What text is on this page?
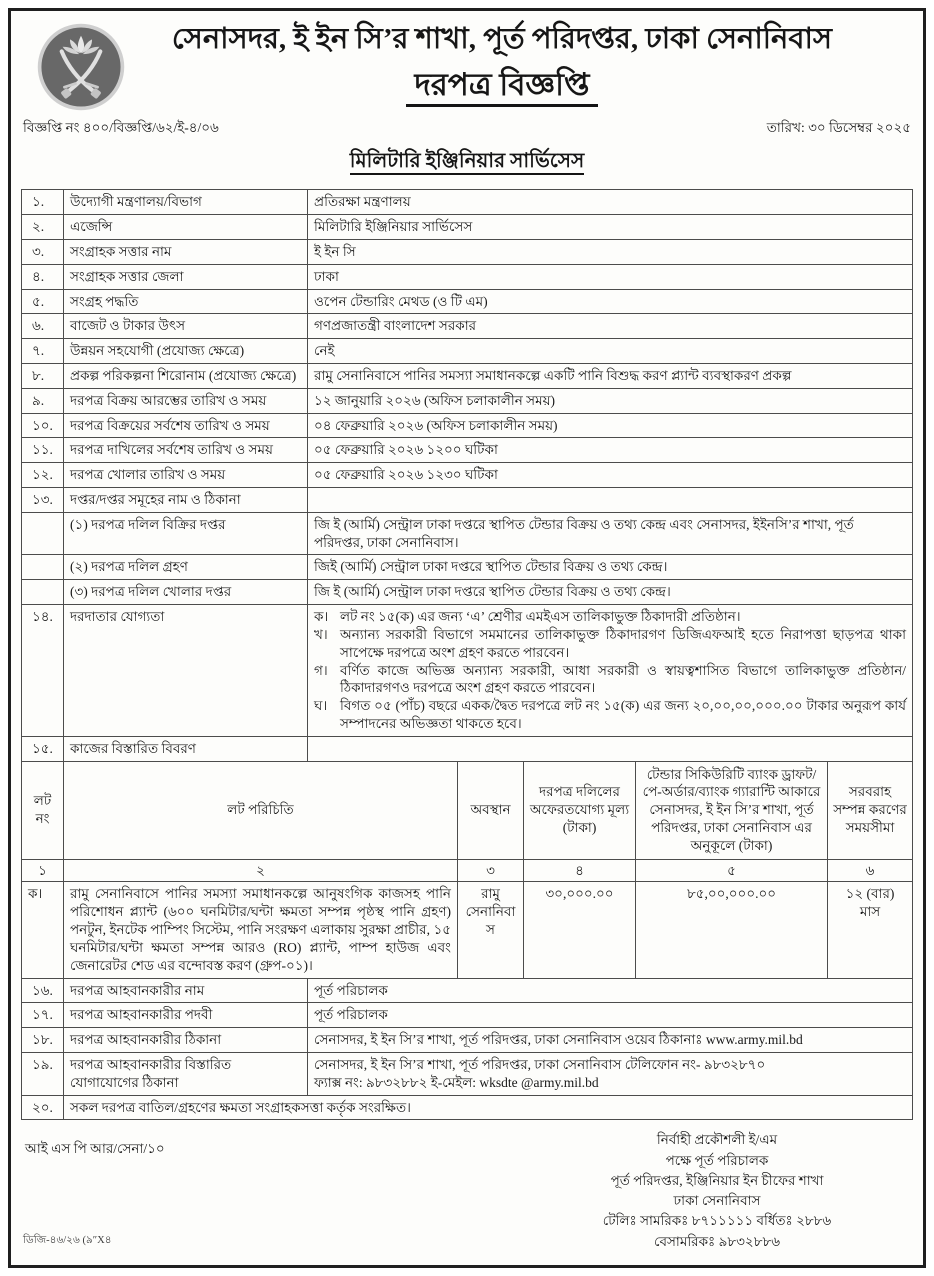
সেনাসদর, ই ইন সি’র শাখা, পূর্ত পরিদপ্তর, ঢাকা সেনানিবাস
দরপত্র বিজ্ঞপ্তি
বিজ্ঞপ্তি নং ৪০০/বিজ্ঞপ্তি/৬২/ই-৪/০৬	তারিখ: ৩০ ডিসেম্বর ২০২৫
মিলিটারি ইঞ্জিনিয়ার সার্ভিসেস
১.	উদ্যোগী মন্ত্রণালয়/বিভাগ	প্রতিরক্ষা মন্ত্রণালয়
২.	এজেন্সি	মিলিটারি ইঞ্জিনিয়ার সার্ভিসেস
৩.	সংগ্রাহক সত্তার নাম	ই ইন সি
৪.	সংগ্রাহক সত্তার জেলা	ঢাকা
৫.	সংগ্রহ পদ্ধতি	ওপেন টেন্ডারিং মেথড (ও টি এম)
৬.	বাজেট ও টাকার উৎস	গণপ্রজাতন্ত্রী বাংলাদেশ সরকার
৭.	উন্নয়ন সহযোগী (প্রযোজ্য ক্ষেত্রে)	নেই
৮.	প্রকল্প পরিকল্পনা শিরোনাম (প্রযোজ্য ক্ষেত্রে)	রামু সেনানিবাসে পানির সমস্যা সমাধানকল্পে একটি পানি বিশুদ্ধ করণ প্ল্যান্ট ব্যবস্থাকরণ প্রকল্প
৯.	দরপত্র বিক্রয় আরম্ভের তারিখ ও সময়	১২ জানুয়ারি ২০২৬ (অফিস চলাকালীন সময়)
১০.	দরপত্র বিক্রয়ের সর্বশেষ তারিখ ও সময়	০৪ ফেব্রুয়ারি ২০২৬ (অফিস চলাকালীন সময়)
১১.	দরপত্র দাখিলের সর্বশেষ তারিখ ও সময়	০৫ ফেব্রুয়ারি ২০২৬ ১২০০ ঘটিকা
১২.	দরপত্র খোলার তারিখ ও সময়	০৫ ফেব্রুয়ারি ২০২৬ ১২৩০ ঘটিকা
১৩.	দপ্তর/দপ্তর সমূহের নাম ও ঠিকানা	
	(১) দরপত্র দলিল বিক্রির দপ্তর	জি ই (আর্মি) সেন্ট্রাল ঢাকা দপ্তরে স্থাপিত টেন্ডার বিক্রয় ও তথ্য কেন্দ্র এবং সেনাসদর, ইইনসি’র শাখা, পূর্ত পরিদপ্তর, ঢাকা সেনানিবাস।
	(২) দরপত্র দলিল গ্রহণ	জিই (আর্মি) সেন্ট্রাল ঢাকা দপ্তরে স্থাপিত টেন্ডার বিক্রয় ও তথ্য কেন্দ্র।
	(৩) দরপত্র দলিল খোলার দপ্তর	জি ই (আর্মি) সেন্ট্রাল ঢাকা দপ্তরে স্থাপিত টেন্ডার বিক্রয় ও তথ্য কেন্দ্র।
১৪.	দরদাতার যোগ্যতা	ক। লট নং ১৫(ক) এর জন্য ‘এ’ শ্রেণীর এমইএস তালিকাভুক্ত ঠিকাদারী প্রতিষ্ঠান।
খ। অন্যান্য সরকারী বিভাগে সমমানের তালিকাভুক্ত ঠিকাদারগণ ডিজিএফআই হতে নিরাপত্তা ছাড়পত্র থাকা সাপেক্ষে দরপত্রে অংশ গ্রহণ করতে পারবেন।
গ। বর্ণিত কাজে অভিজ্ঞ অন্যান্য সরকারী, আধা সরকারী ও স্বায়ত্বশাসিত বিভাগে তালিকাভুক্ত প্রতিষ্ঠান/ঠিকাদারগণও দরপত্রে অংশ গ্রহণ করতে পারবেন।
ঘ। বিগত ০৫ (পাঁচ) বছরে একক/দ্বৈত দরপত্রে লট নং ১৫(ক) এর জন্য ২০,০০,০০,০০০.০০ টাকার অনুরূপ কার্য সম্পাদনের অভিজ্ঞতা থাকতে হবে।

১৫.	কাজের বিস্তারিত বিবরণ	
লট নং	লট পরিচিতি	অবস্থান	দরপত্র দলিলের অফেরতযোগ্য মূল্য (টাকা)	টেন্ডার সিকিউরিটি ব্যাংক ড্রাফট/পে-অর্ডার/ব্যাংক গ্যারান্টি আকারে সেনাসদর, ই ইন সি’র শাখা, পূর্ত পরিদপ্তর, ঢাকা সেনানিবাস এর অনুকূলে (টাকা)	সরবরাহ সম্পন্ন করণের সময়সীমা
১	২	৩	৪	৫	৬
ক।	রামু সেনানিবাসে পানির সমস্যা সমাধানকল্পে আনুষংগিক কাজসহ পানি পরিশোধন প্ল্যান্ট (৬০০ ঘনমিটার/ঘন্টা ক্ষমতা সম্পন্ন পৃষ্ঠস্থ পানি গ্রহণ) পনটুন, ইনটেক পাম্পিং সিস্টেম, পানি সংরক্ষণ এলাকায় সুরক্ষা প্রাচীর, ১৫ ঘনমিটার/ঘন্টা ক্ষমতা সম্পন্ন আরও (RO) প্ল্যান্ট, পাম্প হাউজ এবং জেনারেটর শেড এর বন্দোবস্ত করণ (গ্রুপ-০১)।	রামু সেনানিবাস	৩০,০০০.০০	৮৫,০০,০০০.০০	১২ (বার) মাস
১৬.	দরপত্র আহবানকারীর নাম	পূর্ত পরিচালক
১৭.	দরপত্র আহবানকারীর পদবী	পূর্ত পরিচালক
১৮.	দরপত্র আহবানকারীর ঠিকানা	সেনাসদর, ই ইন সি’র শাখা, পূর্ত পরিদপ্তর, ঢাকা সেনানিবাস ওয়েব ঠিকানাঃ www.army.mil.bd
১৯.	দরপত্র আহবানকারীর বিস্তারিত যোগাযোগের ঠিকানা	সেনাসদর, ই ইন সি’র শাখা, পূর্ত পরিদপ্তর, ঢাকা সেনানিবাস টেলিফোন নং- ৯৮৩২৮৭০
ফ্যাক্স নং: ৯৮৩২৮৮২ ই-মেইল: wksdte @army.mil.bd

২০.	সকল দরপত্র বাতিল/গ্রহণের ক্ষমতা সংগ্রাহকসত্তা কর্তৃক সংরক্ষিত।	
আই এস পি আর/সেনা/১০
নির্বাহী প্রকৌশলী ই/এম
পক্ষে পূর্ত পরিচালক
পূর্ত পরিদপ্তর, ইঞ্জিনিয়ার ইন চীফের শাখা
ঢাকা সেনানিবাস
টেলিঃ সামরিকঃ ৮৭১১১১১ বর্ধিতঃ ২৮৮৬
বেসামরিকঃ ৯৮৩২৮৮৬
ডিজি-৪৬/২৬ (৯″X৪
